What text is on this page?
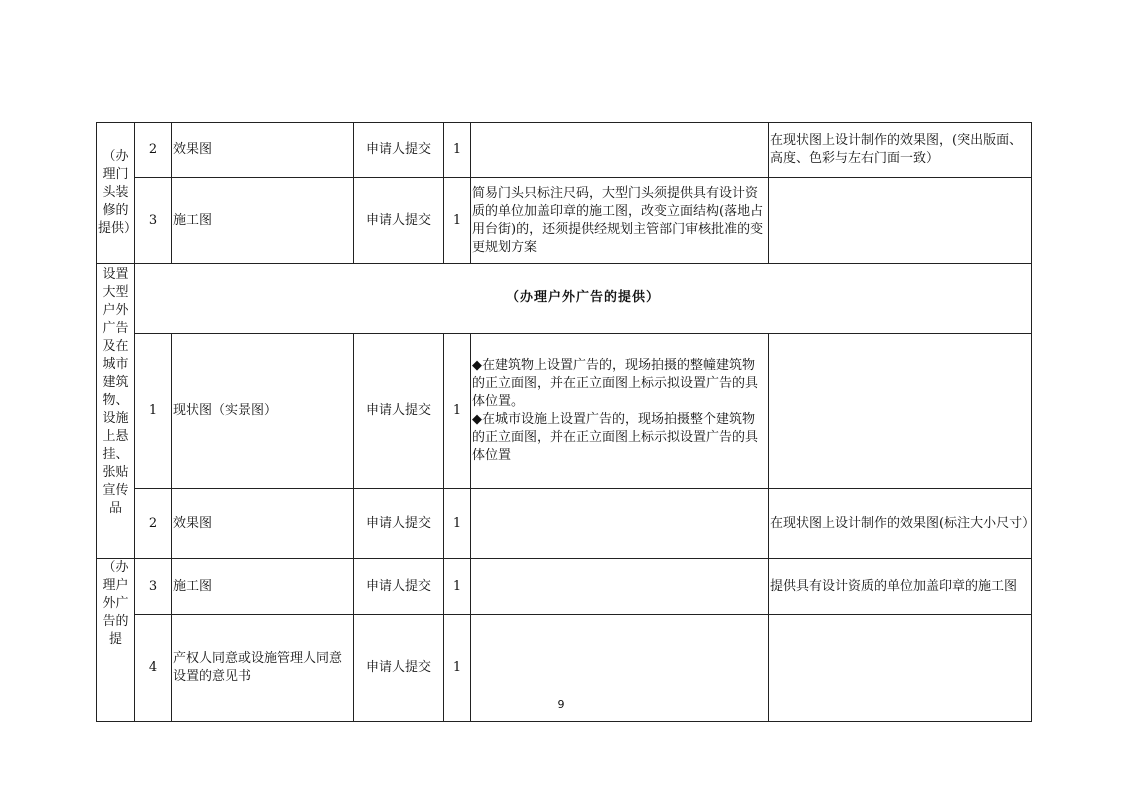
（办理门头装修的提供）	2	效果图	申请人提交	1		在现状图上设计制作的效果图，(突出版面、高度、色彩与左右门面一致）
	3	施工图	申请人提交	1	简易门头只标注尺码，大型门头须提供具有设计资质的单位加盖印章的施工图，改变立面结构(落地占用台街)的，还须提供经规划主管部门审核批准的变更规划方案	

设置大型户外广告及在城市建筑物、设施上悬挂、张贴宣传品	（办理户外广告的提供）					
	1	现状图（实景图）	申请人提交	1	◆在建筑物上设置广告的，现场拍摄的整幢建筑物的正立面图，并在正立面图上标示拟设置广告的具体位置。
◆在城市设施上设置广告的，现场拍摄整个建筑物的正立面图，并在正立面图上标示拟设置广告的具体位置	

	2	效果图	申请人提交	1		在现状图上设计制作的效果图(标注大小尺寸）

（办理户外广告的提	3	施工图	申请人提交	1		提供具有设计资质的单位加盖印章的施工图
	4	产权人同意或设施管理人同意设置的意见书	申请人提交	1		
9
